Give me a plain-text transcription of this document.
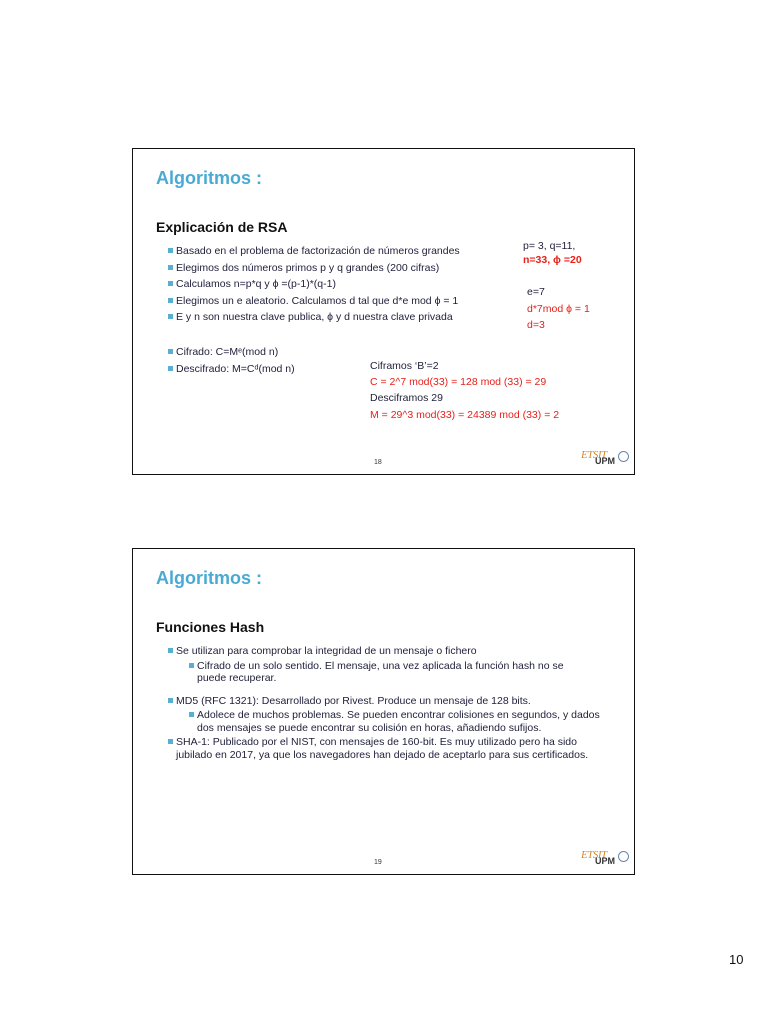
Algoritmos :
Explicación de RSA
Basado en el problema de factorización de números grandes
Elegimos dos números primos p y q grandes (200 cifras)
Calculamos n=p*q y ϕ =(p-1)*(q-1)
Elegimos un e aleatorio. Calculamos d tal que d*e mod ϕ = 1
E y n son nuestra clave publica, ϕ y d nuestra clave privada
Cifrado: C=Mᵉ(mod n)
Descifrado: M=Cᵈ(mod n)
p= 3, q=11,
n=33, ϕ =20
e=7
d*7mod ϕ = 1
d=3
Ciframos ‘B’=2
C = 2^7 mod(33) = 128 mod (33) = 29
Desciframos 29
M = 29^3 mod(33) = 24389 mod (33) = 2
18
ETSIT
UPM
Algoritmos :
Funciones Hash
Se utilizan para comprobar la integridad de un mensaje o fichero
Cifrado de un solo sentido. El mensaje, una vez aplicada la función hash no se puede recuperar.
MD5 (RFC 1321): Desarrollado por Rivest. Produce un mensaje de 128 bits.
Adolece de muchos problemas. Se pueden encontrar colisiones en segundos, y dados dos mensajes se puede encontrar su colisión en horas, añadiendo sufijos.
SHA-1: Publicado por el NIST, con mensajes de 160-bit. Es muy utilizado pero ha sido jubilado en 2017, ya que los navegadores han dejado de aceptarlo para sus certificados.
19
ETSIT
UPM
10
